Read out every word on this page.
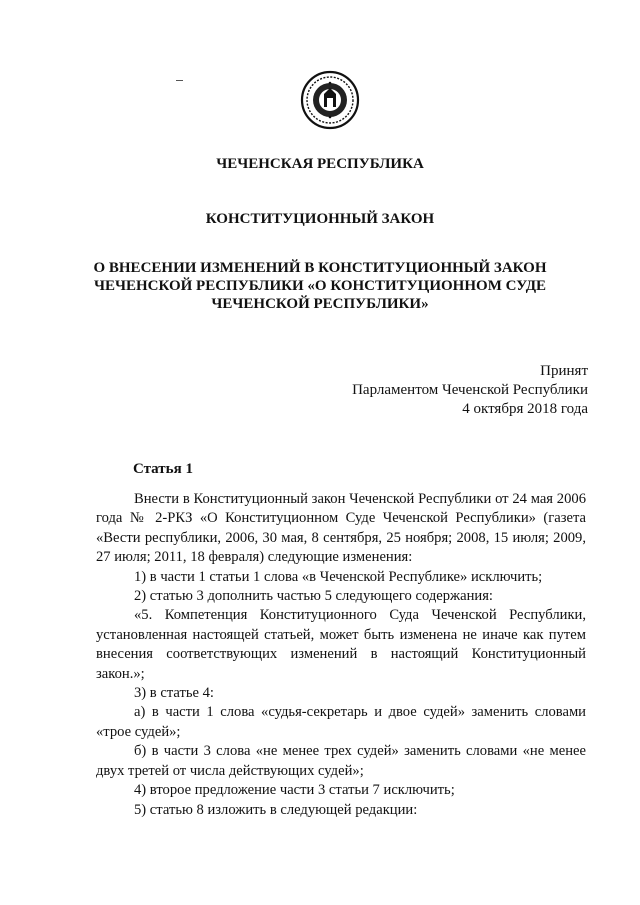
ЧЕЧЕНСКАЯ РЕСПУБЛИКА
КОНСТИТУЦИОННЫЙ ЗАКОН
О ВНЕСЕНИИ ИЗМЕНЕНИЙ В КОНСТИТУЦИОННЫЙ ЗАКОН
ЧЕЧЕНСКОЙ РЕСПУБЛИКИ «О КОНСТИТУЦИОННОМ СУДЕ
ЧЕЧЕНСКОЙ РЕСПУБЛИКИ»
Принят
Парламентом Чеченской Республики
4 октября 2018 года
Статья 1

Внести в Конституционный закон Чеченской Республики от 24 мая 2006 года № 2-РКЗ «О Конституционном Суде Чеченской Республики» (газета «Вести республики, 2006, 30 мая, 8 сентября, 25 ноября; 2008, 15 июля; 2009, 27 июля; 2011, 18 февраля) следующие изменения:

1) в части 1 статьи 1 слова «в Чеченской Республике» исключить;

2) статью 3 дополнить частью 5 следующего содержания:

«5. Компетенция Конституционного Суда Чеченской Республики, установленная настоящей статьей, может быть изменена не иначе как путем внесения соответствующих изменений в настоящий Конституционный закон.»;

3) в статье 4:

а) в части 1 слова «судья-секретарь и двое судей» заменить словами «трое судей»;

б) в части 3 слова «не менее трех судей» заменить словами «не менее двух третей от числа действующих судей»;

4) второе предложение части 3 статьи 7 исключить;

5) статью 8 изложить в следующей редакции:
